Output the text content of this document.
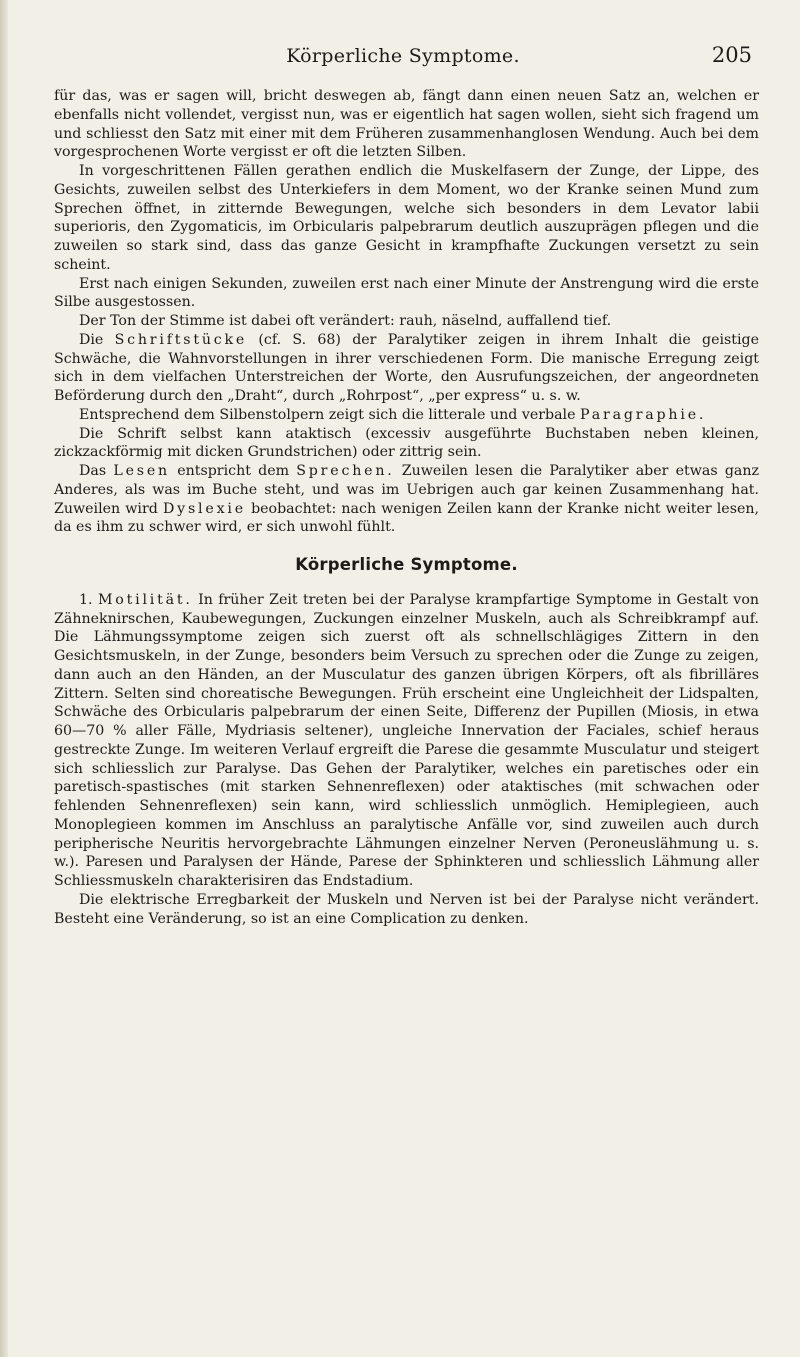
Körperliche Symptome.	205

für das, was er sagen will, bricht deswegen ab, fängt dann einen neuen Satz an, welchen er ebenfalls nicht vollendet, vergisst nun, was er eigentlich hat sagen wollen, sieht sich fragend um und schliesst den Satz mit einer mit dem Früheren zusammenhanglosen Wendung. Auch bei dem vorgesprochenen Worte vergisst er oft die letzten Silben.

In vorgeschrittenen Fällen gerathen endlich die Muskelfasern der Zunge, der Lippe, des Gesichts, zuweilen selbst des Unterkiefers in dem Moment, wo der Kranke seinen Mund zum Sprechen öffnet, in zitternde Bewegungen, welche sich besonders in dem Levator labii superioris, den Zygomaticis, im Orbicularis palpebrarum deutlich auszuprägen pflegen und die zuweilen so stark sind, dass das ganze Gesicht in krampfhafte Zuckungen versetzt zu sein scheint.

Erst nach einigen Sekunden, zuweilen erst nach einer Minute der Anstrengung wird die erste Silbe ausgestossen.

Der Ton der Stimme ist dabei oft verändert: rauh, näselnd, auffallend tief.

Die Schriftstücke (cf. S. 68) der Paralytiker zeigen in ihrem Inhalt die geistige Schwäche, die Wahnvorstellungen in ihrer verschiedenen Form. Die manische Erregung zeigt sich in dem vielfachen Unterstreichen der Worte, den Ausrufungszeichen, der angeordneten Beförderung durch den „Draht“, durch „Rohrpost“, „per express“ u. s. w.

Entsprechend dem Silbenstolpern zeigt sich die litterale und verbale Paragraphie.

Die Schrift selbst kann ataktisch (excessiv ausgeführte Buchstaben neben kleinen, zickzackförmig mit dicken Grundstrichen) oder zittrig sein.

Das Lesen entspricht dem Sprechen. Zuweilen lesen die Paralytiker aber etwas ganz Anderes, als was im Buche steht, und was im Uebrigen auch gar keinen Zusammenhang hat. Zuweilen wird Dyslexie beobachtet: nach wenigen Zeilen kann der Kranke nicht weiter lesen, da es ihm zu schwer wird, er sich unwohl fühlt.

Körperliche Symptome.

1. Motilität. In früher Zeit treten bei der Paralyse krampfartige Symptome in Gestalt von Zähneknirschen, Kaubewegungen, Zuckungen einzelner Muskeln, auch als Schreibkrampf auf. Die Lähmungssymptome zeigen sich zuerst oft als schnellschlägiges Zittern in den Gesichtsmuskeln, in der Zunge, besonders beim Versuch zu sprechen oder die Zunge zu zeigen, dann auch an den Händen, an der Musculatur des ganzen übrigen Körpers, oft als fibrilläres Zittern. Selten sind choreatische Bewegungen. Früh erscheint eine Ungleichheit der Lidspalten, Schwäche des Orbicularis palpebrarum der einen Seite, Differenz der Pupillen (Miosis, in etwa 60—70 % aller Fälle, Mydriasis seltener), ungleiche Innervation der Faciales, schief heraus gestreckte Zunge. Im weiteren Verlauf ergreift die Parese die gesammte Musculatur und steigert sich schliesslich zur Paralyse. Das Gehen der Paralytiker, welches ein paretisches oder ein paretisch-spastisches (mit starken Sehnenreflexen) oder ataktisches (mit schwachen oder fehlenden Sehnenreflexen) sein kann, wird schliesslich unmöglich. Hemiplegieen, auch Monoplegieen kommen im Anschluss an paralytische Anfälle vor, sind zuweilen auch durch peripherische Neuritis hervorgebrachte Lähmungen einzelner Nerven (Peroneuslähmung u. s. w.). Paresen und Paralysen der Hände, Parese der Sphinkteren und schliesslich Lähmung aller Schliessmuskeln charakterisiren das Endstadium.

Die elektrische Erregbarkeit der Muskeln und Nerven ist bei der Paralyse nicht verändert. Besteht eine Veränderung, so ist an eine Complication zu denken.
